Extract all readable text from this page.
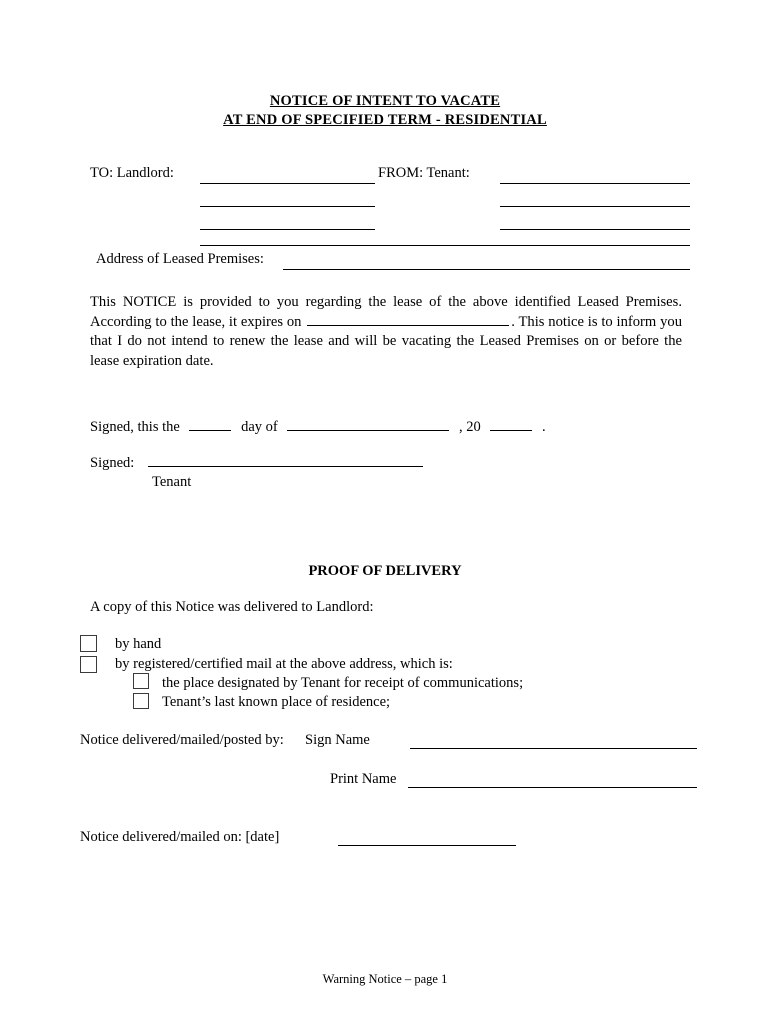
NOTICE OF INTENT TO VACATE
AT END OF SPECIFIED TERM - RESIDENTIAL
TO: Landlord:	FROM: Tenant:
Address of Leased Premises:
This NOTICE is provided to you regarding the lease of the above identified Leased Premises. According to the lease, it expires on	. This notice is to inform you that I do not intend to renew the lease and will be vacating the Leased Premises on or before the lease expiration date.
Signed, this the	day of	, 20	.
Signed:
Tenant
PROOF OF DELIVERY
A copy of this Notice was delivered to Landlord:
by hand
by registered/certified mail at the above address, which is:
the place designated by Tenant for receipt of communications;
Tenant’s last known place of residence;
Notice delivered/mailed/posted by: Sign Name
Print Name
Notice delivered/mailed on: [date]
Warning Notice – page 1
